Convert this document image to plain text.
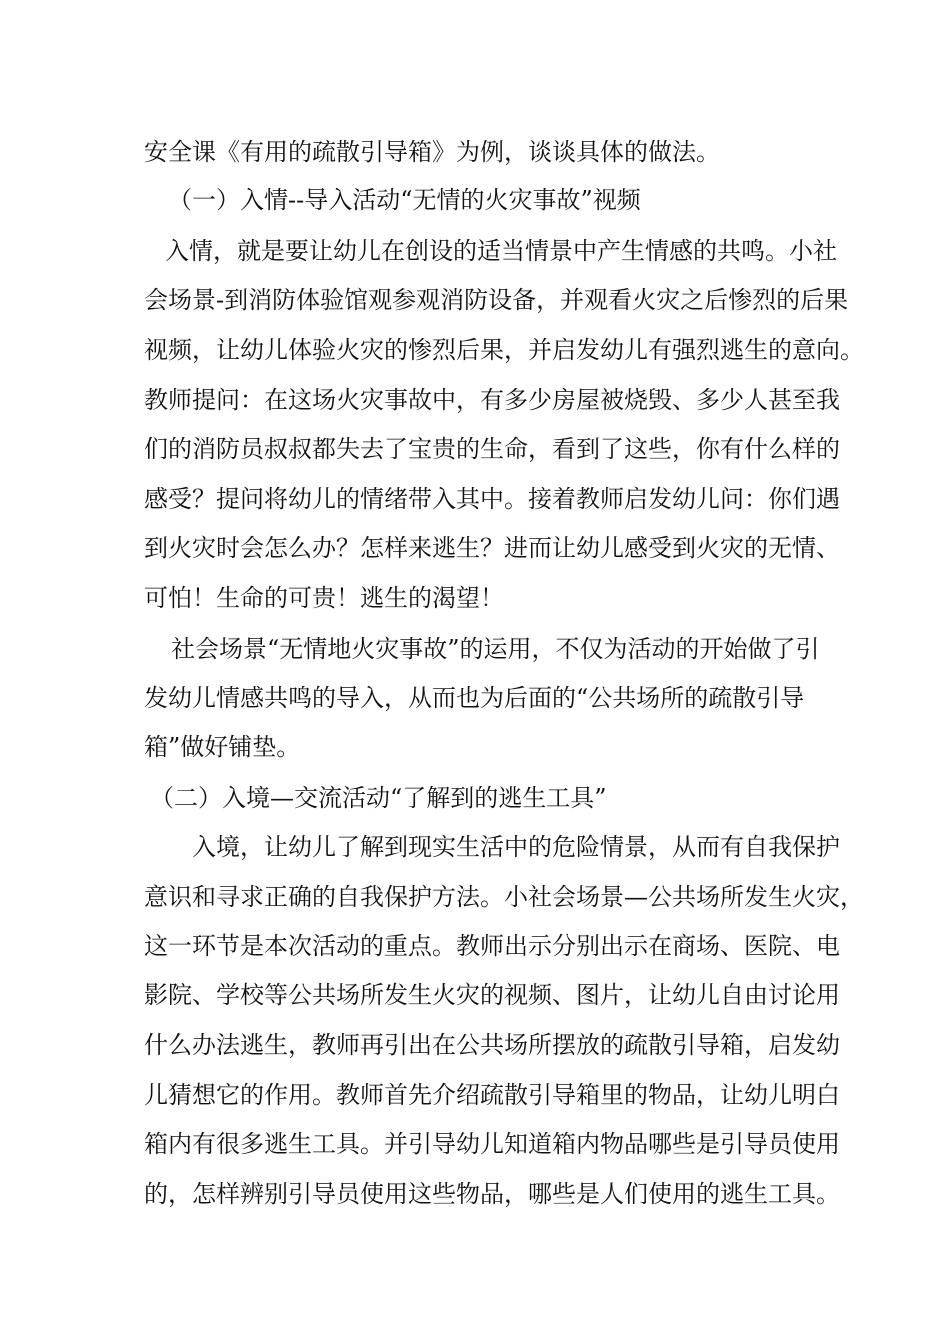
安全课《有用的疏散引导箱》为例，谈谈具体的做法。
（一）入情--导入活动“无情的火灾事故”视频
入情，就是要让幼儿在创设的适当情景中产生情感的共鸣。小社
会场景-到消防体验馆观参观消防设备，并观看火灾之后惨烈的后果
视频，让幼儿体验火灾的惨烈后果，并启发幼儿有强烈逃生的意向。
教师提问：在这场火灾事故中，有多少房屋被烧毁、多少人甚至我
们的消防员叔叔都失去了宝贵的生命，看到了这些，你有什么样的
感受？提问将幼儿的情绪带入其中。接着教师启发幼儿问：你们遇
到火灾时会怎么办？怎样来逃生？进而让幼儿感受到火灾的无情、
可怕！生命的可贵！逃生的渴望！
社会场景“无情地火灾事故”的运用，不仅为活动的开始做了引
发幼儿情感共鸣的导入，从而也为后面的“公共场所的疏散引导
箱”做好铺垫。
（二）入境—交流活动“了解到的逃生工具”
入境，让幼儿了解到现实生活中的危险情景，从而有自我保护
意识和寻求正确的自我保护方法。小社会场景—公共场所发生火灾，
这一环节是本次活动的重点。教师出示分别出示在商场、医院、电
影院、学校等公共场所发生火灾的视频、图片，让幼儿自由讨论用
什么办法逃生，教师再引出在公共场所摆放的疏散引导箱，启发幼
儿猜想它的作用。教师首先介绍疏散引导箱里的物品，让幼儿明白
箱内有很多逃生工具。并引导幼儿知道箱内物品哪些是引导员使用
的，怎样辨别引导员使用这些物品，哪些是人们使用的逃生工具。
